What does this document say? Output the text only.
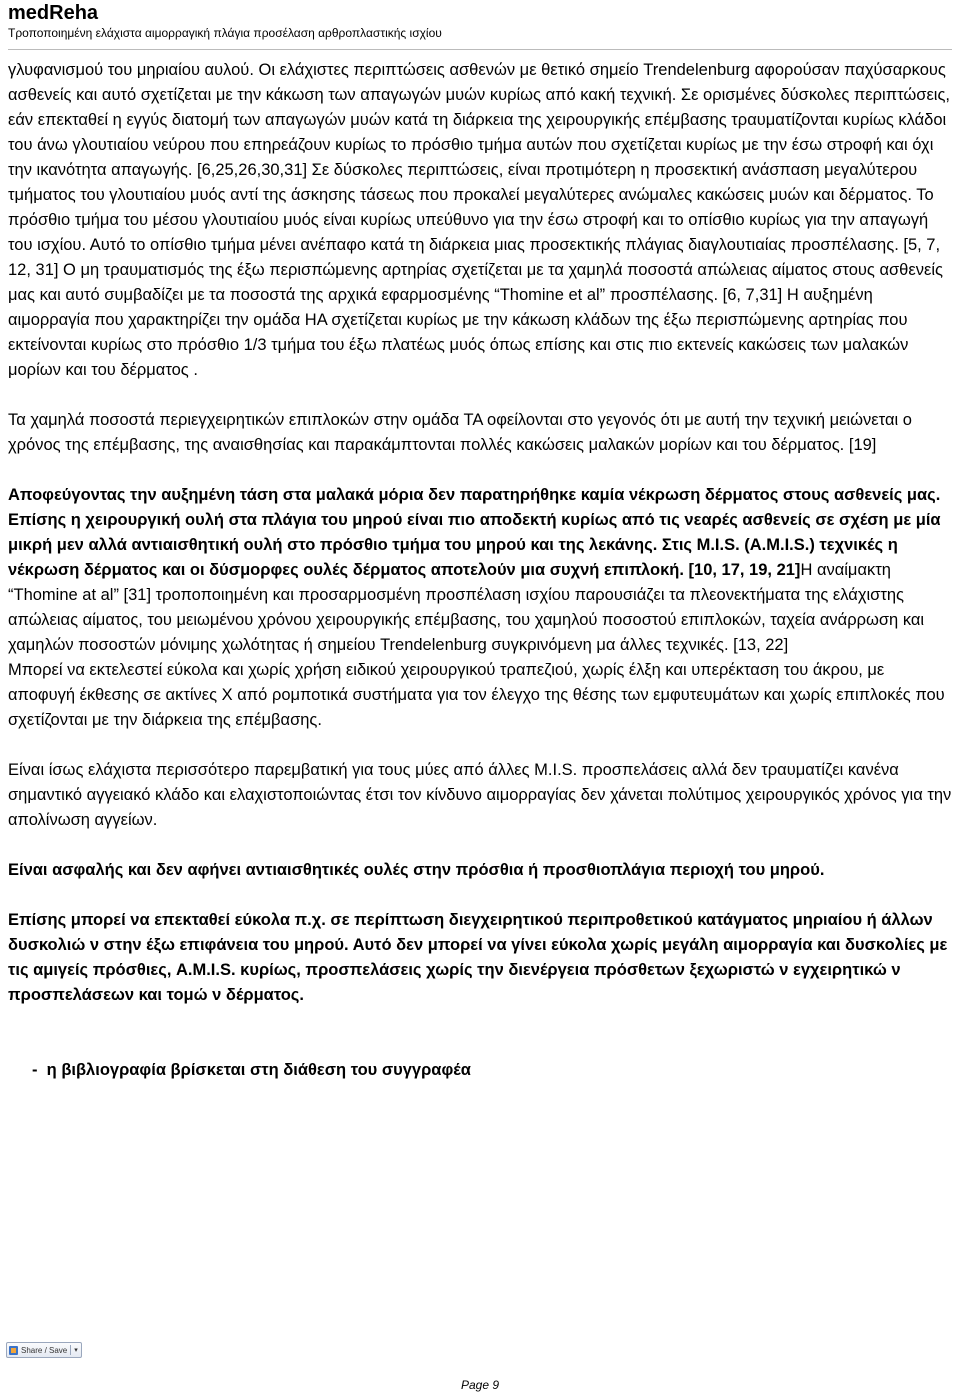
medReha
Τροποποιημένη ελάχιστα αιμορραγική πλάγια προσέλαση αρθροπλαστικής ισχίου

γλυφανισμού του μηριαίου αυλού. Οι ελάχιστες περιπτώσεις ασθενών με θετικό σημείο Trendelenburg αφορούσαν παχύσαρκους ασθενείς και αυτό σχετίζεται με την κάκωση των απαγωγών μυών κυρίως από κακή τεχνική. Σε ορισμένες δύσκολες περιπτώσεις, εάν επεκταθεί η εγγύς διατομή των απαγωγών μυών κατά τη διάρκεια της χειρουργικής επέμβασης τραυματίζονται κυρίως κλάδοι του άνω γλουτιαίου νεύρου που επηρεάζουν κυρίως το πρόσθιο τμήμα αυτών που σχετίζεται κυρίως με την έσω στροφή και όχι την ικανότητα απαγωγής. [6,25,26,30,31] Σε δύσκολες περιπτώσεις, είναι προτιμότερη η προσεκτική ανάσπαση μεγαλύτερου τμήματος του γλουτιαίου μυός αντί της άσκησης τάσεως που προκαλεί μεγαλύτερες ανώμαλες κακώσεις μυών και δέρματος. Το πρόσθιο τμήμα του μέσου γλουτιαίου μυός είναι κυρίως υπεύθυνο για την έσω στροφή και το οπίσθιο κυρίως για την απαγωγή του ισχίου. Αυτό το οπίσθιο τμήμα μένει ανέπαφο κατά τη διάρκεια μιας προσεκτικής πλάγιας διαγλουτιαίας προσπέλασης. [5, 7, 12, 31] O μη τραυματισμός της έξω περισπώμενης αρτηρίας σχετίζεται με τα χαμηλά ποσοστά απώλειας αίματος στους ασθενείς μας και αυτό συμβαδίζει με τα ποσοστά της αρχικά εφαρμοσμένης “Thomine et al” προσπέλασης. [6, 7,31] Η αυξημένη αιμορραγία που χαρακτηρίζει την ομάδα ΗΑ σχετίζεται κυρίως με την κάκωση κλάδων της έξω περισπώμενης αρτηρίας που εκτείνονται κυρίως στο πρόσθιο 1/3 τμήμα του έξω πλατέως μυός όπως επίσης και στις πιο εκτενείς κακώσεις των μαλακών μορίων και του δέρματος .

Τα χαμηλά ποσοστά περιεγχειρητικών επιπλοκών στην ομάδα ΤΑ οφείλονται στο γεγονός ότι με αυτή την τεχνική μειώνεται ο χρόνος της επέμβασης, της αναισθησίας και παρακάμπτονται πολλές κακώσεις μαλακών μορίων και του δέρματος. [19]

Αποφεύγοντας την αυξημένη τάση στα μαλακά μόρια δεν παρατηρήθηκε καμία νέκρωση δέρματος στους ασθενείς μας. Επίσης η χειρουργική ουλή στα πλάγια του μηρού είναι πιο αποδεκτή κυρίως από τις νεαρές ασθενείς σε σχέση με μία μικρή μεν αλλά αντιαισθητική ουλή στο πρόσθιο τμήμα του μηρού και της λεκάνης. Στις M.I.S. (A.M.I.S.) τεχνικές η νέκρωση δέρματος και οι δύσμορφες ουλές δέρματος αποτελούν μια συχνή επιπλοκή. [10, 17, 19, 21]Η αναίμακτη “Thomine at al” [31] τροποποιημένη και προσαρμοσμένη προσπέλαση ισχίου παρουσιάζει τα πλεονεκτήματα της ελάχιστης απώλειας αίματος, του μειωμένου χρόνου χειρουργικής επέμβασης, του χαμηλού ποσοστού επιπλοκών, ταχεία ανάρρωση και χαμηλών ποσοστών μόνιμης χωλότητας ή σημείου Trendelenburg συγκρινόμενη μα άλλες τεχνικές. [13, 22]
Μπορεί να εκτελεστεί εύκολα και χωρίς χρήση ειδικού χειρουργικού τραπεζιού, χωρίς έλξη και υπερέκταση του άκρου, με αποφυγή έκθεσης σε ακτίνες Χ από ρομποτικά συστήματα για τον έλεγχο της θέσης των εμφυτευμάτων και χωρίς επιπλοκές που σχετίζονται με την διάρκεια της επέμβασης.

Είναι ίσως ελάχιστα περισσότερο παρεμβατική για τους μύες από άλλες M.I.S. προσπελάσεις αλλά δεν τραυματίζει κανένα σημαντικό αγγειακό κλάδο και ελαχιστοποιώντας έτσι τον κίνδυνο αιμορραγίας δεν χάνεται πολύτιμος χειρουργικός χρόνος για την απολίνωση αγγείων.

Είναι ασφαλής και δεν αφήνει αντιαισθητικές ουλές στην πρόσθια ή προσθιοπλάγια περιοχή του μηρού.

Επίσης μπορεί να επεκταθεί εύκολα π.χ. σε περίπτωση διεγχειρητικού περιπροθετικού κατάγματος μηριαίου ή άλλων δυσκολιώ ν στην έξω επιφάνεια του μηρού. Αυτό δεν μπορεί να γίνει εύκολα χωρίς μεγάλη αιμορραγία και δυσκολίες με τις αμιγείς πρόσθιες, A.M.I.S. κυρίως, προσπελάσεις χωρίς την διενέργεια πρόσθετων ξεχωριστώ ν εγχειρητικώ ν προσπελάσεων και τομώ ν δέρματος.

- η βιβλιογραφία βρίσκεται στη διάθεση του συγγραφέα

Share / Save ▾
Page 9
